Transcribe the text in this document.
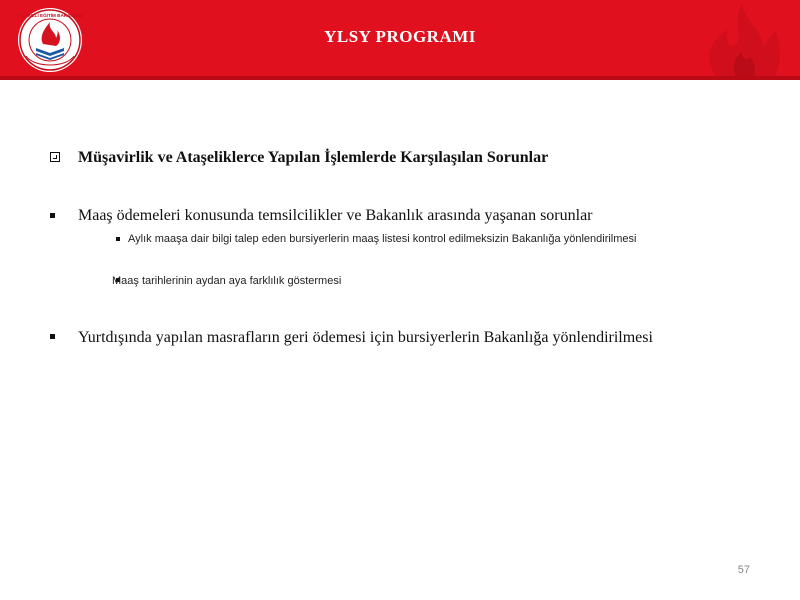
T.C. MİLLİ EĞİTİM BAKANLIĞI
YLSY PROGRAMI
Müşavirlik ve Ataşeliklerce Yapılan İşlemlerde Karşılaşılan Sorunlar
Maaş ödemeleri konusunda temsilcilikler ve Bakanlık arasında yaşanan sorunlar
Aylık maaşa dair bilgi talep eden bursiyerlerin maaş listesi kontrol edilmeksizin Bakanlığa yönlendirilmesi
Maaş tarihlerinin aydan aya farklılık göstermesi
Yurtdışında yapılan masrafların geri ödemesi için bursiyerlerin Bakanlığa yönlendirilmesi
57
